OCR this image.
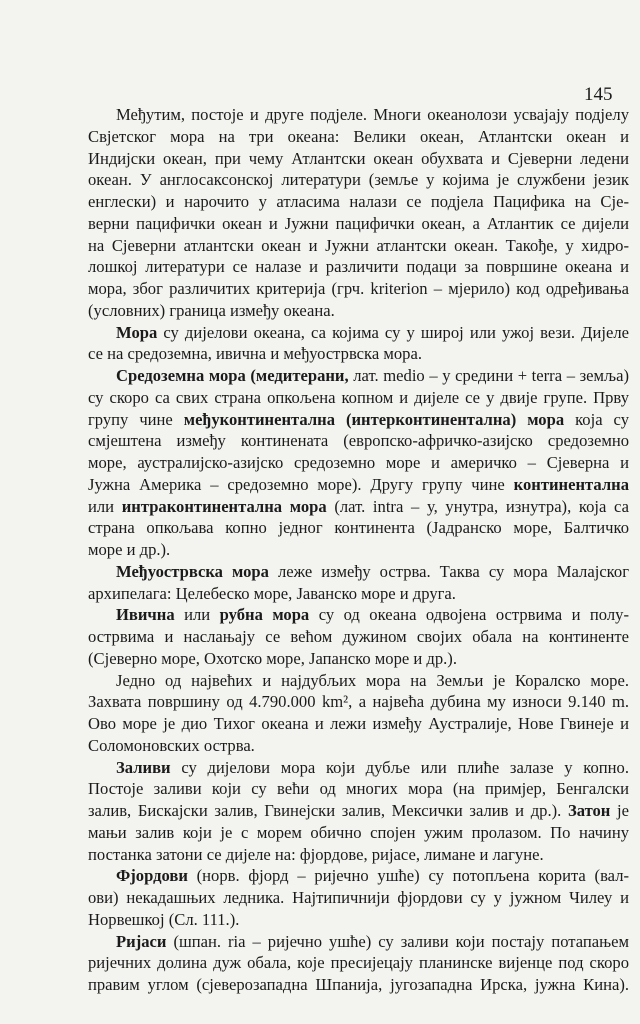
145
Међутим, постоје и друге подјеле. Многи океанолози усвајају подјелу
Свјетског мора на три океана: Велики океан, Атлантски океан и
Индијски океан, при чему Атлантски океан обухвата и Сјеверни ледени
океан. У англосаксонској литератури (земље у којима је службени језик
енглески) и нарочито у атласима налази се подјела Пацифика на Сје-
верни пацифички океан и Јужни пацифички океан, а Атлантик се дијели
на Сјеверни атлантски океан и Јужни атлантски океан. Такође, у хидро-
лошкој литератури се налазе и различити подаци за површине океана и
мора, због различитих критерија (грч. kriterion – мјерило) код одређивања
(условних) граница између океана.
Мора су дијелови океана, са којима су у широј или ужој вези. Дијеле
се на средоземна, ивична и међуострвска мора.
Средоземна мора (медитерани, лат. medio – у средини + terra – земља)
су скоро са свих страна опкољена копном и дијеле се у двије групе. Прву
групу чине међуконтинентална (интерконтинентална) мора која су
смјештена између континената (европско-афричко-азијско средоземно
море, аустралијско-азијско средоземно море и америчко – Сјеверна и
Јужна Америка – средоземно море). Другу групу чине континентална
или интраконтинентална мора (лат. intra – у, унутра, изнутра), која са
страна опкољава копно једног континента (Јадранско море, Балтичко
море и др.).
Међуострвска мора леже између острва. Таква су мора Малајског
архипелага: Целебеско море, Јаванско море и друга.
Ивична или рубна мора су од океана одвојена острвима и полу-
острвима и наслањају се већом дужином својих обала на континенте
(Сјеверно море, Охотско море, Јапанско море и др.).
Једно од највећих и најдубљих мора на Земљи је Коралско море.
Захвата површину од 4.790.000 km², а највећа дубина му износи 9.140 m.
Ово море је дио Тихог океана и лежи између Аустралије, Нове Гвинеје и
Соломоновских острва.
Заливи су дијелови мора који дубље или плиће залазе у копно.
Постоје заливи који су већи од многих мора (на примјер, Бенгалски
залив, Бискајски залив, Гвинејски залив, Мексички залив и др.). Затон је
мањи залив који је с морем обично спојен ужим пролазом. По начину
постанка затони се дијеле на: фјордове, ријасе, лимане и лагуне.
Фјордови (норв. фјорд – ријечно ушће) су потопљена корита (вал-
ови) некадашњих ледника. Најтипичнији фјордови су у јужном Чилеу и
Норвешкој (Сл. 111.).
Ријаси (шпан. ria – ријечно ушће) су заливи који постају потапањем
ријечних долина дуж обала, које пресијецају планинске вијенце под скоро
правим углом (сјеверозападна Шпанија, југозападна Ирска, јужна Кина).
